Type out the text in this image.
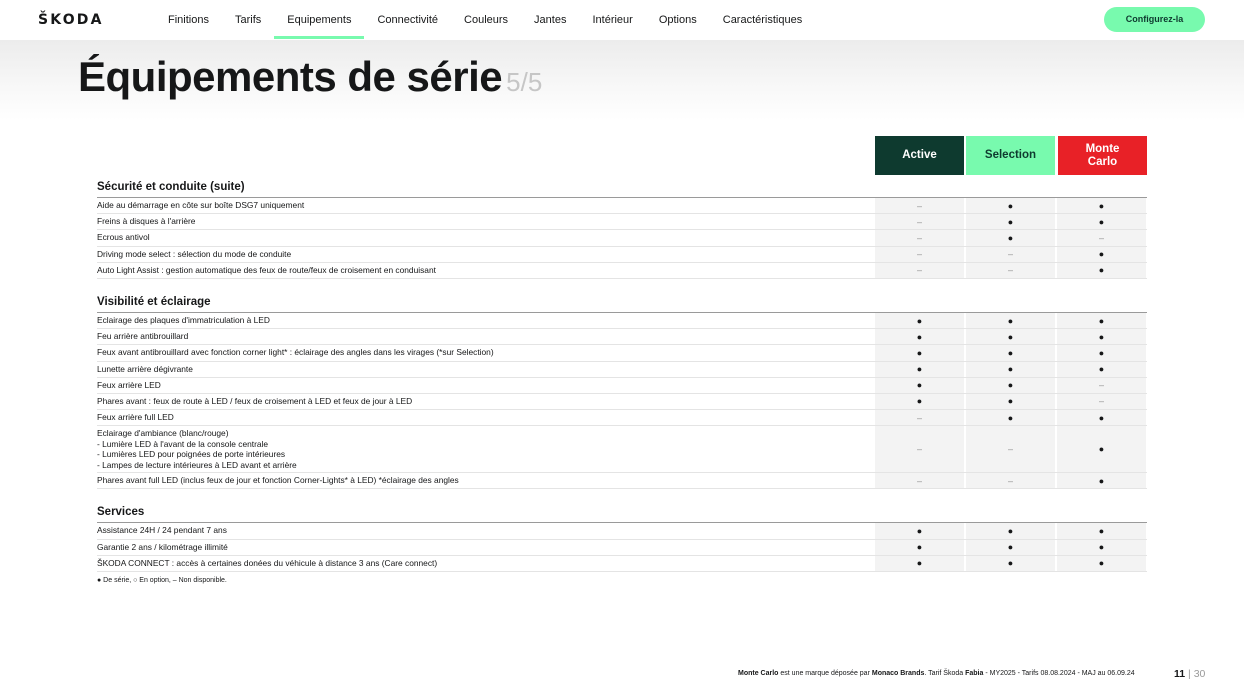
ŠKODA	Finitions	Tarifs	Equipements	Connectivité	Couleurs	Jantes	Intérieur	Options	Caractéristiques	Configurez-la
Équipements de série 5/5
Active	Selection
Monte
Carlo
Sécurité et conduite (suite)
Aide au démarrage en côte sur boîte DSG7 uniquement	–	●	●
Freins à disques à l'arrière	–	●	●
Ecrous antivol	–	●	–
Driving mode select : sélection du mode de conduite	–	–	●
Auto Light Assist : gestion automatique des feux de route/feux de croisement en conduisant	–	–	●
Visibilité et éclairage
Eclairage des plaques d'immatriculation à LED	●	●	●
Feu arrière antibrouillard	●	●	●
Feux avant antibrouillard avec fonction corner light* : éclairage des angles dans les virages (*sur Selection)	●	●	●
Lunette arrière dégivrante	●	●	●
Feux arrière LED	●	●	–
Phares avant : feux de route à LED / feux de croisement à LED et feux de jour à LED	●	●	–
Feux arrière full LED	–	●	●
Eclairage d'ambiance (blanc/rouge)
- Lumière LED à l'avant de la console centrale
- Lumières LED pour poignées de porte intérieures
- Lampes de lecture intérieures à LED avant et arrière
–	–	●
Phares avant full LED (inclus feux de jour et fonction Corner-Lights* à LED) *éclairage des angles	–	–	●
Services
Assistance 24H / 24 pendant 7 ans	●	●	●
Garantie 2 ans / kilométrage illimité	●	●	●
ŠKODA CONNECT : accès à certaines donées du véhicule à distance 3 ans (Care connect)	●	●	●
● De série, ○ En option, – Non disponible.
Monte Carlo est une marque déposée par Monaco Brands. Tarif Škoda Fabia - MY2025 - Tarifs 08.08.2024 - MAJ au 06.09.24	11 | 30
